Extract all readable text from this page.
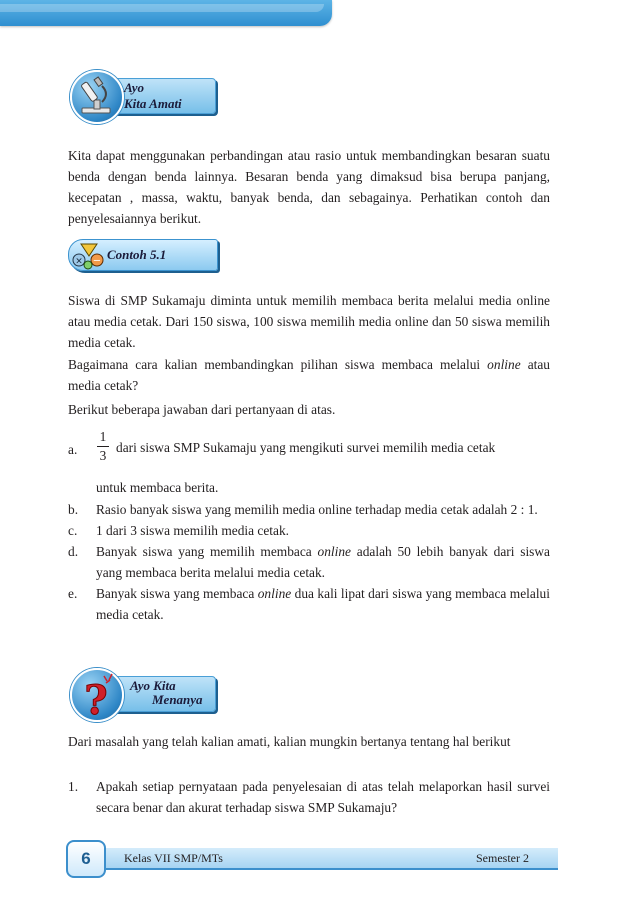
Ayo
Kita Amati

Kita dapat menggunakan perbandingan atau rasio untuk membandingkan besaran suatu benda dengan benda lainnya. Besaran benda yang dimaksud bisa berupa panjang, kecepatan , massa, waktu, banyak benda, dan sebagainya. Perhatikan contoh dan penyelesaiannya berikut.

× − Contoh 5.1

Siswa di SMP Sukamaju diminta untuk memilih membaca berita melalui media online atau media cetak. Dari 150 siswa, 100 siswa memilih media online dan 50 siswa memilih media cetak.

Bagaimana cara kalian membandingkan pilihan siswa membaca melalui online atau media cetak?

Berikut beberapa jawaban dari pertanyaan di atas.

a.
1
3
dari siswa SMP Sukamaju yang mengikuti survei memilih media cetak
untuk membaca berita.
b. Rasio banyak siswa yang memilih media online terhadap media cetak adalah 2 : 1.
c. 1 dari 3 siswa memilih media cetak.
d. Banyak siswa yang memilih membaca online adalah 50 lebih banyak dari siswa yang membaca berita melalui media cetak.
e. Banyak siswa yang membaca online dua kali lipat dari siswa yang membaca melalui media cetak.
? Ayo Kita
Menanya

Dari masalah yang telah kalian amati, kalian mungkin bertanya tentang hal berikut

1. Apakah setiap pernyataan pada penyelesaian di atas telah melaporkan hasil survei secara benar dan akurat terhadap siswa SMP Sukamaju?
6	Kelas VII SMP/MTs	Semester 2
